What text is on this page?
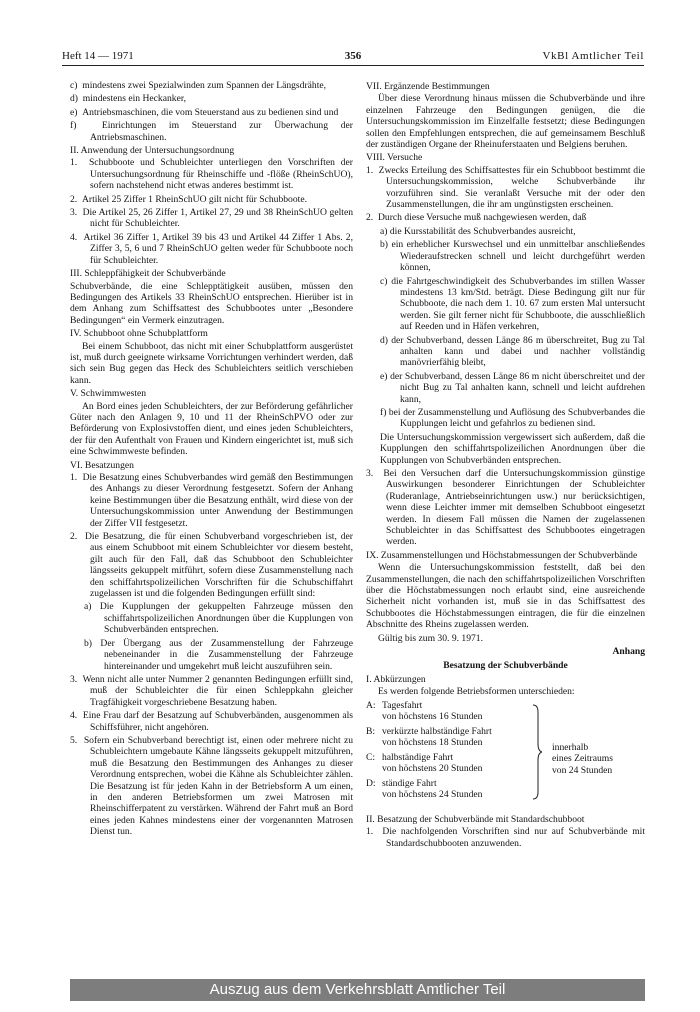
Heft 14 — 1971	356	VkBl Amtlicher Teil
c) mindestens zwei Spezialwinden zum Spannen der Längsdrähte,
d) mindestens ein Heckanker,
e) Antriebsmaschinen, die vom Steuerstand aus zu bedienen sind und
f)	Einrichtungen im Steuerstand zur Überwachung der Antriebsmaschinen.
II. Anwendung der Untersuchungsordnung
1. Schubboote und Schubleichter unterliegen den Vorschriften der Untersuchungsordnung für Rheinschiffe und -flöße (RheinSchUO), sofern nachstehend nicht etwas anderes bestimmt ist.
2. Artikel 25 Ziffer 1 RheinSchUO gilt nicht für Schubboote.
3. Die Artikel 25, 26 Ziffer 1, Artikel 27, 29 und 38 RheinSchUO gelten nicht für Schubleichter.
4. Artikel 36 Ziffer 1, Artikel 39 bis 43 und Artikel 44 Ziffer 1 Abs. 2, Ziffer 3, 5, 6 und 7 RheinSchUO gelten weder für Schubboote noch für Schubleichter.
III. Schleppfähigkeit der Schubverbände

Schubverbände, die eine Schlepptätigkeit ausüben, müssen den Bedingungen des Artikels 33 RheinSchUO entsprechen. Hierüber ist in dem Anhang zum Schiffsattest des Schubbootes unter „Besondere Bedingungen“ ein Vermerk einzutragen.

IV. Schubboot ohne Schubplattform

Bei einem Schubboot, das nicht mit einer Schubplattform ausgerüstet ist, muß durch geeignete wirksame Vorrichtungen verhindert werden, daß sich sein Bug gegen das Heck des Schubleichters seitlich verschieben kann.

V. Schwimmwesten

An Bord eines jeden Schubleichters, der zur Beförderung gefährlicher Güter nach den Anlagen 9, 10 und 11 der RheinSchPVO oder zur Beförderung von Explosivstoffen dient, und eines jeden Schubleichters, der für den Aufenthalt von Frauen und Kindern eingerichtet ist, muß sich eine Schwimmweste befinden.

VI. Besatzungen
1. Die Besatzung eines Schubverbandes wird gemäß den Bestimmungen des Anhangs zu dieser Verordnung festgesetzt. Sofern der Anhang keine Bestimmungen über die Besatzung enthält, wird diese von der Untersuchungskommission unter Anwendung der Bestimmungen der Ziffer VII festgesetzt.
2. Die Besatzung, die für einen Schubverband vorgeschrieben ist, der aus einem Schubboot mit einem Schubleichter vor diesem besteht, gilt auch für den Fall, daß das Schubboot den Schubleichter längsseits gekuppelt mitführt, sofern diese Zusammenstellung nach den schiffahrtspolizeilichen Vorschriften für die Schubschiffahrt zugelassen ist und die folgenden Bedingungen erfüllt sind:
a) Die Kupplungen der gekuppelten Fahrzeuge müssen den schiffahrtspolizeilichen Anordnungen über die Kupplungen von Schubverbänden entsprechen.
b) Der Übergang aus der Zusammenstellung der Fahrzeuge nebeneinander in die Zusammenstellung der Fahrzeuge hintereinander und umgekehrt muß leicht auszuführen sein.
3. Wenn nicht alle unter Nummer 2 genannten Bedingungen erfüllt sind, muß der Schubleichter die für einen Schleppkahn gleicher Tragfähigkeit vorgeschriebene Besatzung haben.
4. Eine Frau darf der Besatzung auf Schubverbänden, ausgenommen als Schiffsführer, nicht angehören.
5. Sofern ein Schubverband berechtigt ist, einen oder mehrere nicht zu Schubleichtern umgebaute Kähne längsseits gekuppelt mitzuführen, muß die Besatzung den Bestimmungen des Anhanges zu dieser Verordnung entsprechen, wobei die Kähne als Schubleichter zählen. Die Besatzung ist für jeden Kahn in der Betriebsform A um einen, in den anderen Betriebsformen um zwei Matrosen mit Rheinschifferpatent zu verstärken. Während der Fahrt muß an Bord eines jeden Kahnes mindestens einer der vorgenannten Matrosen Dienst tun.
VII. Ergänzende Bestimmungen

Über diese Verordnung hinaus müssen die Schubverbände und ihre einzelnen Fahrzeuge den Bedingungen genügen, die die Untersuchungskommission im Einzelfalle festsetzt; diese Bedingungen sollen den Empfehlungen entsprechen, die auf gemeinsamem Beschluß der zuständigen Organe der Rheinuferstaaten und Belgiens beruhen.

VIII. Versuche
1. Zwecks Erteilung des Schiffsattestes für ein Schubboot bestimmt die Untersuchungskommission, welche Schubverbände ihr vorzuführen sind. Sie veranlaßt Versuche mit der oder den Zusammenstellungen, die ihr am ungünstigsten erscheinen.
2. Durch diese Versuche muß nachgewiesen werden, daß
a) die Kursstabilität des Schubverbandes ausreicht,
b) ein erheblicher Kurswechsel und ein unmittelbar anschließendes Wiederaufstrecken schnell und leicht durchgeführt werden können,
c) die Fahrtgeschwindigkeit des Schubverbandes im stillen Wasser mindestens 13 km/Std. beträgt. Diese Bedingung gilt nur für Schubboote, die nach dem 1. 10. 67 zum ersten Mal untersucht werden. Sie gilt ferner nicht für Schubboote, die ausschließlich auf Reeden und in Häfen verkehren,
d) der Schubverband, dessen Länge 86 m überschreitet, Bug zu Tal anhalten kann und dabei und nachher vollständig manövrierfähig bleibt,
e) der Schubverband, dessen Länge 86 m nicht überschreitet und der nicht Bug zu Tal anhalten kann, schnell und leicht aufdrehen kann,
f) bei der Zusammenstellung und Auflösung des Schubverbandes die Kupplungen leicht und gefahrlos zu bedienen sind.

Die Untersuchungskommission vergewissert sich außerdem, daß die Kupplungen den schiffahrtspolizeilichen Anordnungen über die Kupplungen von Schubverbänden entsprechen.

3. Bei den Versuchen darf die Untersuchungskommission günstige Auswirkungen besonderer Einrichtungen der Schubleichter (Ruderanlage, Antriebseinrichtungen usw.) nur berücksichtigen, wenn diese Leichter immer mit demselben Schubboot eingesetzt werden. In diesem Fall müssen die Namen der zugelassenen Schubleichter in das Schiffsattest des Schubbootes eingetragen werden.
IX. Zusammenstellungen und Höchstabmessungen der Schubverbände

Wenn die Untersuchungskommission feststellt, daß bei den Zusammenstellungen, die nach den schiffahrtspolizeilichen Vorschriften über die Höchstabmessungen noch erlaubt sind, eine ausreichende Sicherheit nicht vorhanden ist, muß sie in das Schiffsattest des Schubbootes die Höchstabmessungen eintragen, die für die einzelnen Abschnitte des Rheins zugelassen werden.

Gültig bis zum 30. 9. 1971.

Anhang
Besatzung der Schubverbände
I. Abkürzungen

Es werden folgende Betriebsformen unterschieden:

A: Tagesfahrt
von höchstens 16 Stunden
B: verkürzte halbständige Fahrt
von höchstens 18 Stunden
C: halbständige Fahrt
von höchstens 20 Stunden
D: ständige Fahrt
von höchstens 24 Stunden
innerhalb
eines Zeitraums
von 24 Stunden
II. Besatzung der Schubverbände mit Standardschubboot
1. Die nachfolgenden Vorschriften sind nur auf Schubverbände mit Standardschubbooten anzuwenden.
Auszug aus dem Verkehrsblatt Amtlicher Teil
